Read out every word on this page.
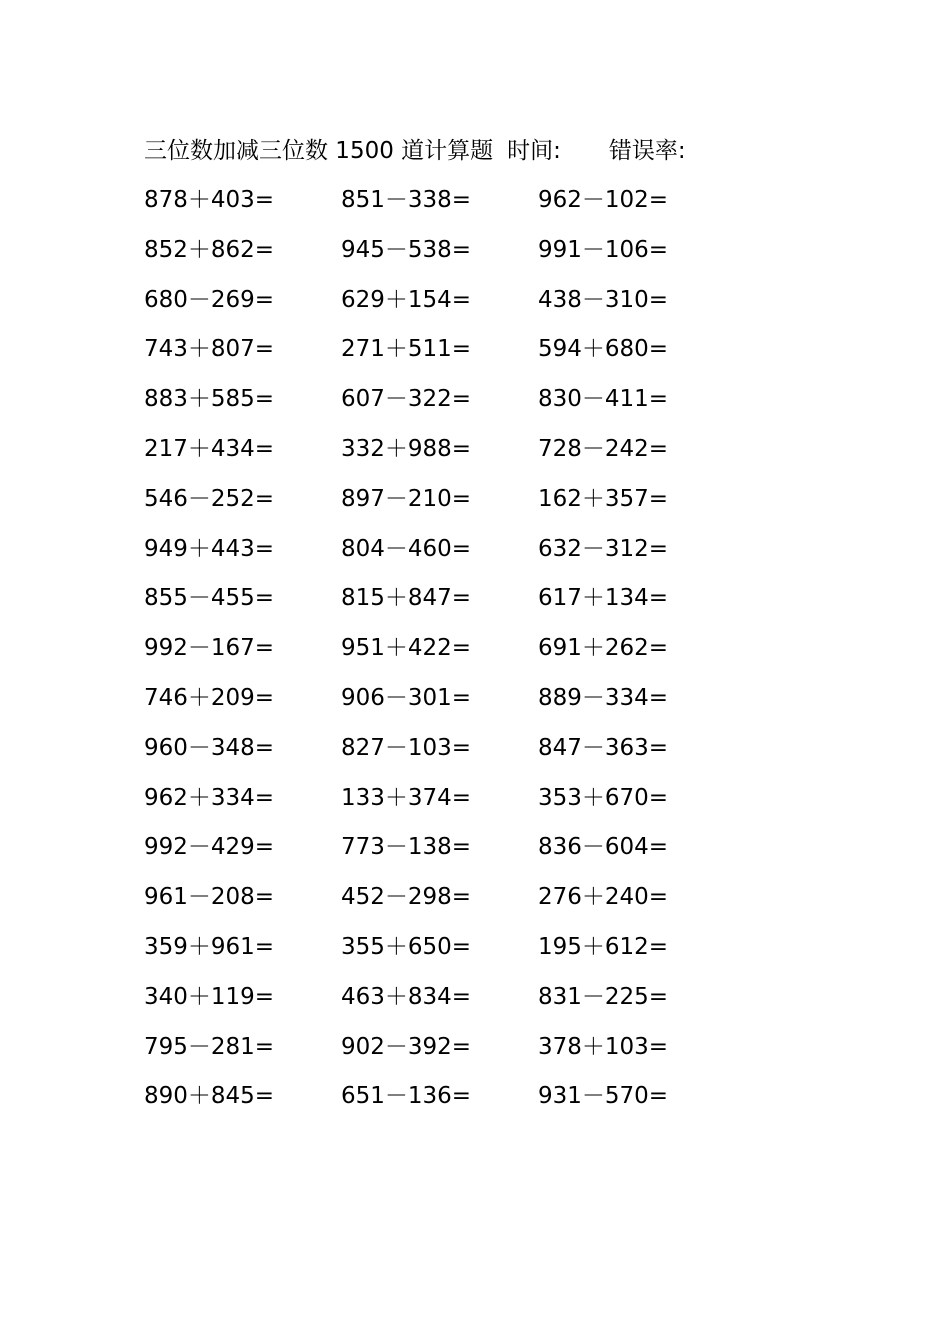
三位数加减三位数 1500 道计算题 时间: 错误率:
878＋403=	851－338=	962－102=
852＋862=	945－538=	991－106=
680－269=	629＋154=	438－310=
743＋807=	271＋511=	594＋680=
883＋585=	607－322=	830－411=
217＋434=	332＋988=	728－242=
546－252=	897－210=	162＋357=
949＋443=	804－460=	632－312=
855－455=	815＋847=	617＋134=
992－167=	951＋422=	691＋262=
746＋209=	906－301=	889－334=
960－348=	827－103=	847－363=
962＋334=	133＋374=	353＋670=
992－429=	773－138=	836－604=
961－208=	452－298=	276＋240=
359＋961=	355＋650=	195＋612=
340＋119=	463＋834=	831－225=
795－281=	902－392=	378＋103=
890＋845=	651－136=	931－570=
